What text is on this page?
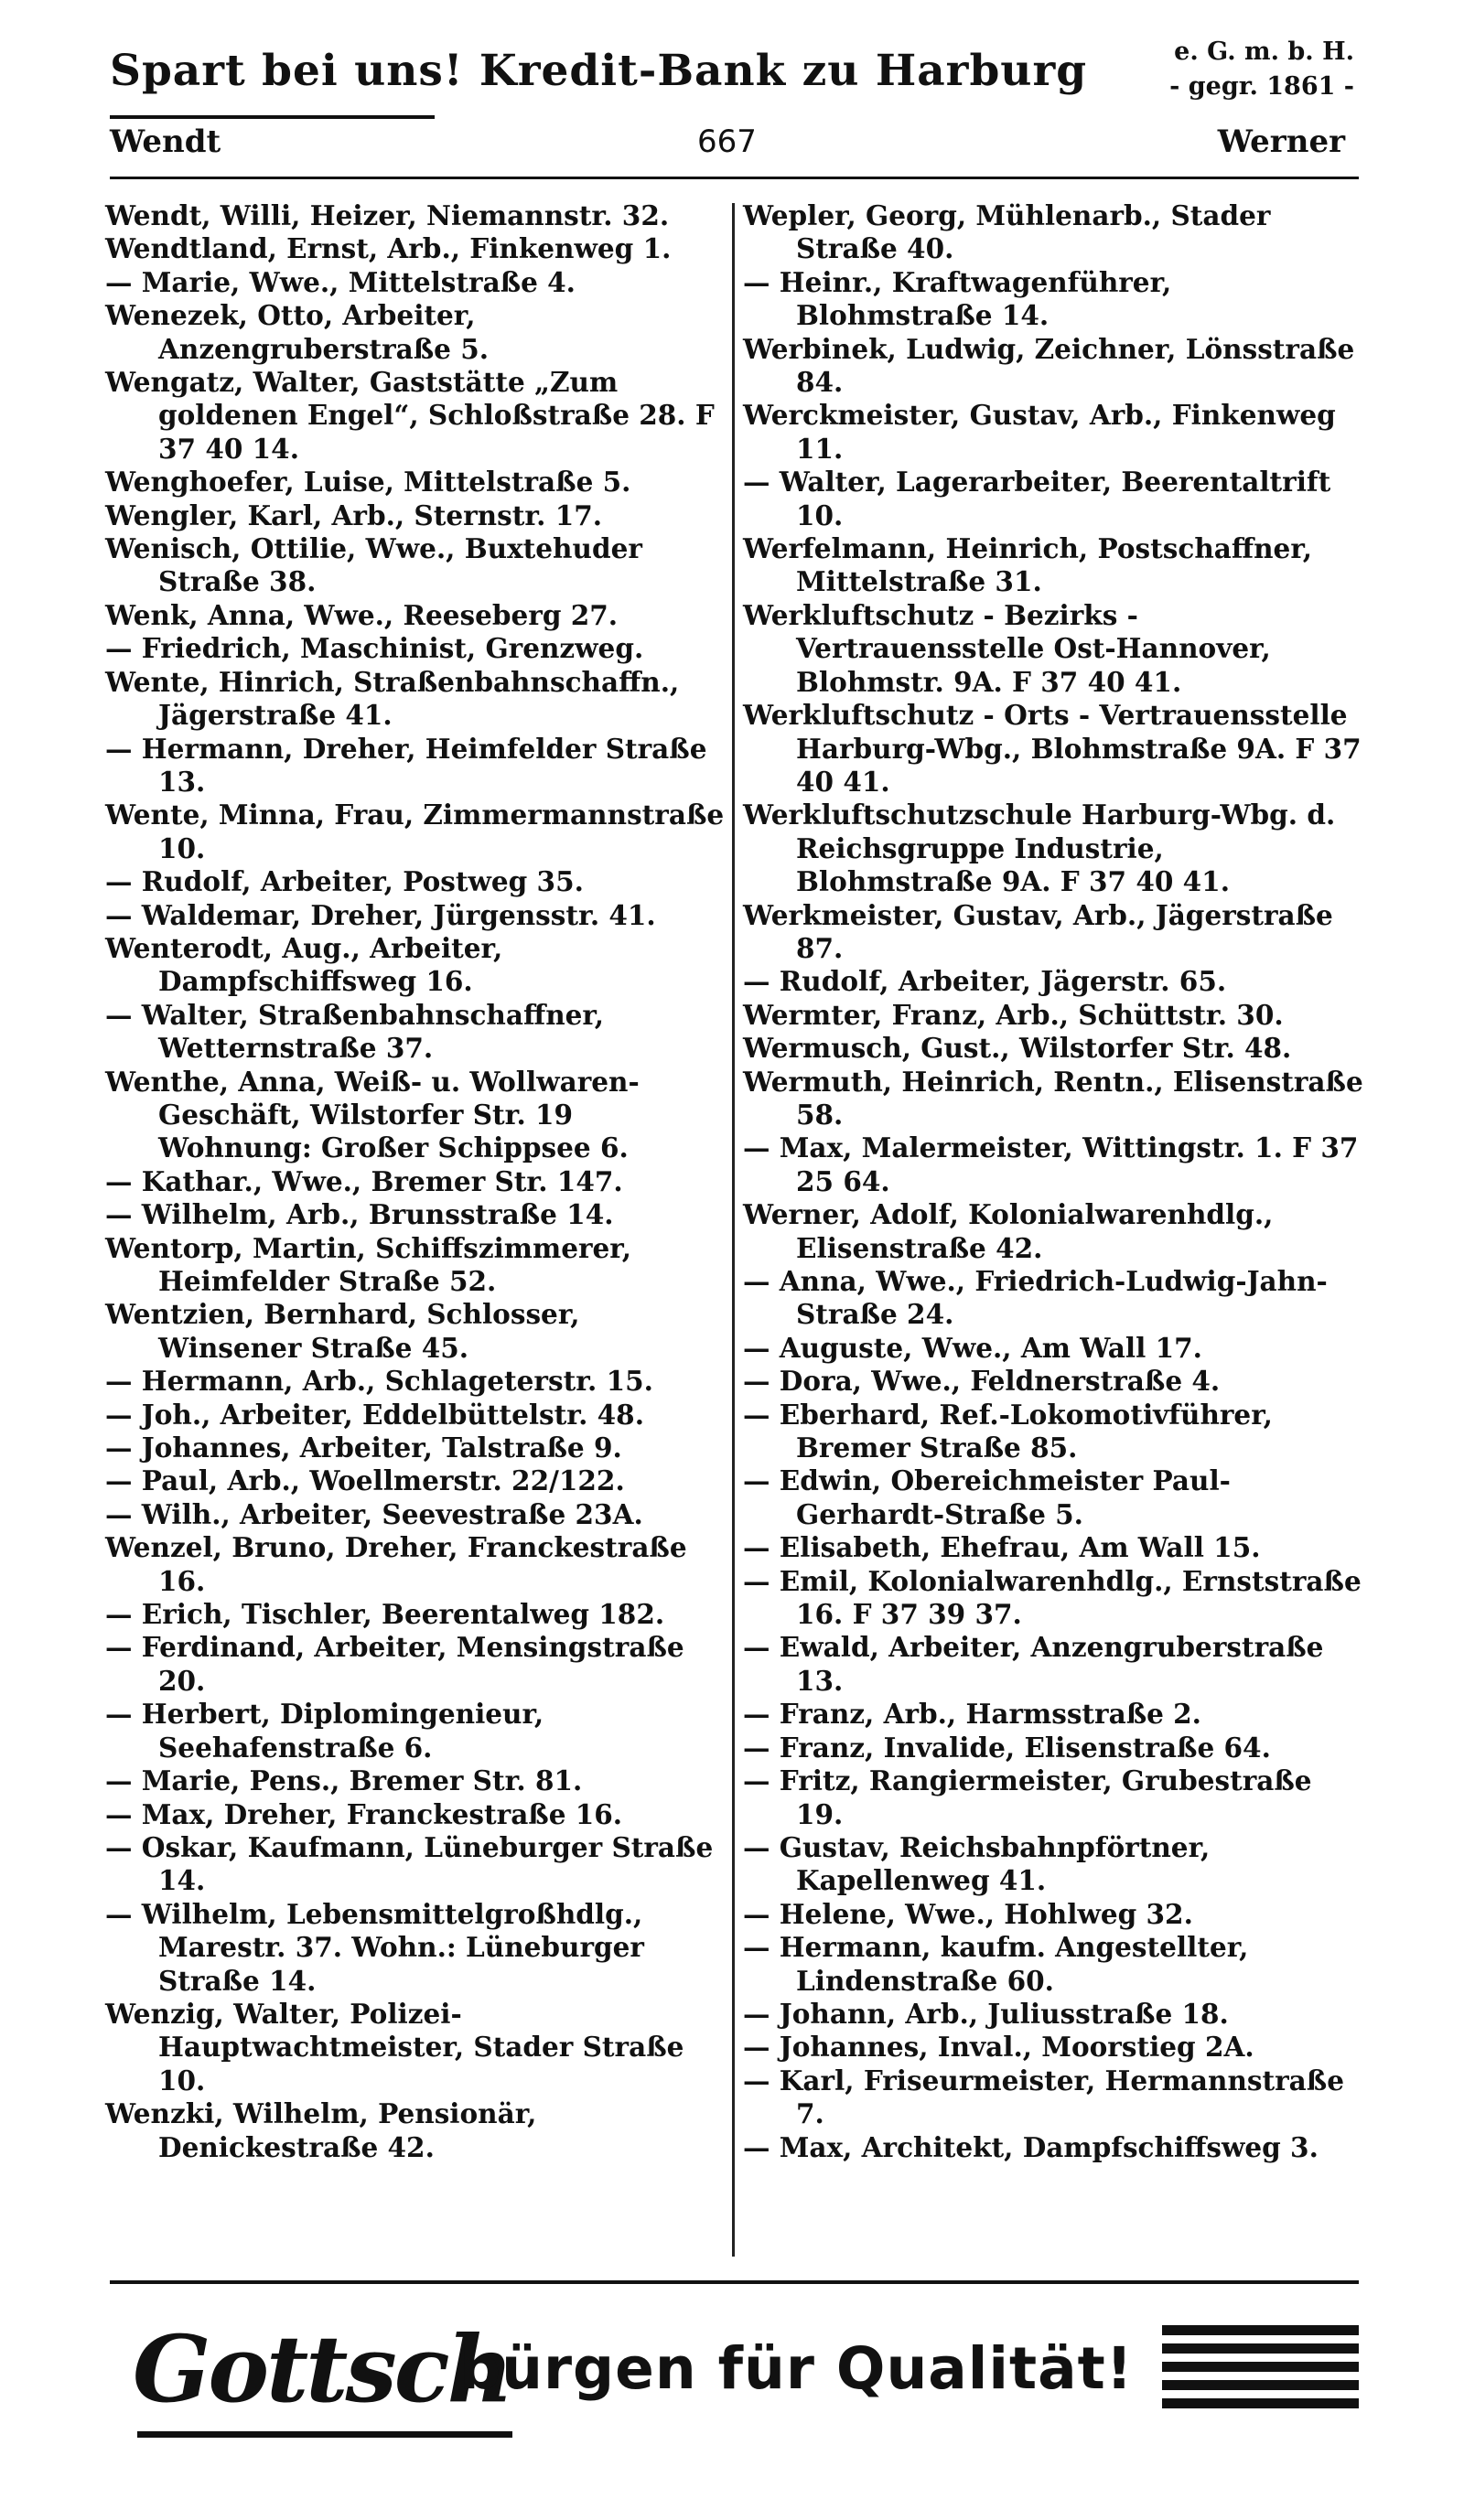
Spart bei uns! Kredit-Bank zu Harburg	e. G. m. b. H.
- gegr. 1861 -
Wendt	667	Werner
Wendt, Willi, Heizer, Niemannstr. 32.
Wendtland, Ernst, Arb., Finkenweg 1.
— Marie, Wwe., Mittelstraße 4.
Wenezek, Otto, Arbeiter, Anzengruberstraße 5.
Wengatz, Walter, Gaststätte „Zum goldenen Engel“, Schloßstraße 28. F 37 40 14.
Wenghoefer, Luise, Mittelstraße 5.
Wengler, Karl, Arb., Sternstr. 17.
Wenisch, Ottilie, Wwe., Buxtehuder Straße 38.
Wenk, Anna, Wwe., Reeseberg 27.
— Friedrich, Maschinist, Grenzweg.
Wente, Hinrich, Straßenbahnschaffn., Jägerstraße 41.
— Hermann, Dreher, Heimfelder Straße 13.
Wente, Minna, Frau, Zimmermannstraße 10.
— Rudolf, Arbeiter, Postweg 35.
— Waldemar, Dreher, Jürgensstr. 41.
Wenterodt, Aug., Arbeiter, Dampfschiffsweg 16.
— Walter, Straßenbahnschaffner, Wetternstraße 37.
Wenthe, Anna, Weiß- u. Wollwaren-Geschäft, Wilstorfer Str. 19 Wohnung: Großer Schippsee 6.
— Kathar., Wwe., Bremer Str. 147.
— Wilhelm, Arb., Brunsstraße 14.
Wentorp, Martin, Schiffszimmerer, Heimfelder Straße 52.
Wentzien, Bernhard, Schlosser, Winsener Straße 45.
— Hermann, Arb., Schlageterstr. 15.
— Joh., Arbeiter, Eddelbüttelstr. 48.
— Johannes, Arbeiter, Talstraße 9.
— Paul, Arb., Woellmerstr. 22/122.
— Wilh., Arbeiter, Seevestraße 23A.
Wenzel, Bruno, Dreher, Franckestraße 16.
— Erich, Tischler, Beerentalweg 182.
— Ferdinand, Arbeiter, Mensingstraße 20.
— Herbert, Diplomingenieur, Seehafenstraße 6.
— Marie, Pens., Bremer Str. 81.
— Max, Dreher, Franckestraße 16.
— Oskar, Kaufmann, Lüneburger Straße 14.
— Wilhelm, Lebensmittelgroßhdlg., Marestr. 37. Wohn.: Lüneburger Straße 14.
Wenzig, Walter, Polizei-Hauptwachtmeister, Stader Straße 10.
Wenzki, Wilhelm, Pensionär, Denickestraße 42.
Wepler, Georg, Mühlenarb., Stader Straße 40.
— Heinr., Kraftwagenführer, Blohmstraße 14.
Werbinek, Ludwig, Zeichner, Lönsstraße 84.
Werckmeister, Gustav, Arb., Finkenweg 11.
— Walter, Lagerarbeiter, Beerentaltrift 10.
Werfelmann, Heinrich, Postschaffner, Mittelstraße 31.
Werkluftschutz - Bezirks - Vertrauensstelle Ost-Hannover, Blohmstr. 9A. F 37 40 41.
Werkluftschutz - Orts - Vertrauensstelle Harburg-Wbg., Blohmstraße 9A. F 37 40 41.
Werkluftschutzschule Harburg-Wbg. d. Reichsgruppe Industrie, Blohmstraße 9A. F 37 40 41.
Werkmeister, Gustav, Arb., Jägerstraße 87.
— Rudolf, Arbeiter, Jägerstr. 65.
Wermter, Franz, Arb., Schüttstr. 30.
Wermusch, Gust., Wilstorfer Str. 48.
Wermuth, Heinrich, Rentn., Elisenstraße 58.
— Max, Malermeister, Wittingstr. 1. F 37 25 64.
Werner, Adolf, Kolonialwarenhdlg., Elisenstraße 42.
— Anna, Wwe., Friedrich-Ludwig-Jahn-Straße 24.
— Auguste, Wwe., Am Wall 17.
— Dora, Wwe., Feldnerstraße 4.
— Eberhard, Ref.-Lokomotivführer, Bremer Straße 85.
— Edwin, Obereichmeister Paul-Gerhardt-Straße 5.
— Elisabeth, Ehefrau, Am Wall 15.
— Emil, Kolonialwarenhdlg., Ernststraße 16. F 37 39 37.
— Ewald, Arbeiter, Anzengruberstraße 13.
— Franz, Arb., Harmsstraße 2.
— Franz, Invalide, Elisenstraße 64.
— Fritz, Rangiermeister, Grubestraße 19.
— Gustav, Reichsbahnpförtner, Kapellenweg 41.
— Helene, Wwe., Hohlweg 32.
— Hermann, kaufm. Angestellter, Lindenstraße 60.
— Johann, Arb., Juliusstraße 18.
— Johannes, Inval., Moorstieg 2A.
— Karl, Friseurmeister, Hermannstraße 7.
— Max, Architekt, Dampfschiffsweg 3.
Gottsch
bürgen für Qualität!
